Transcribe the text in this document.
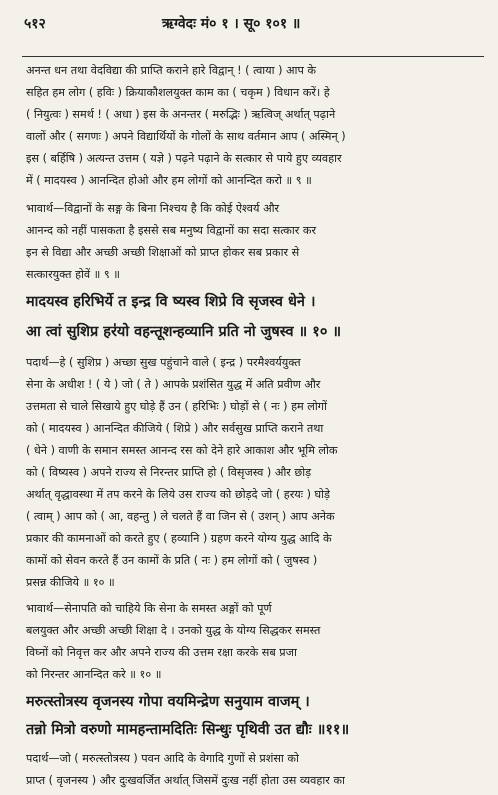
५१२	ऋग्वेदः मं० १ । सू० १०१ ॥
अनन्त धन तथा वेदविद्या की प्राप्ति कराने हारे विद्वान् ! ( त्वाया ) आप के
सहित हम लोग ( हविः ) क्रियाकौशलयुक्त काम का ( चकृम ) विधान करें। हे
( नियुत्वः ) समर्थ ! ( अधा ) इस के अनन्तर ( मरुद्भिः ) ऋत्विज् अर्थात् पढ़ाने
वालों और ( सगणः ) अपने विद्यार्थियों के गोलों के साथ वर्तमान आप ( अस्मिन् )
इस ( बर्हिषि ) अत्यन्त उत्तम ( यज्ञे ) पढ़ने पढ़ाने के सत्कार से पाये हुए व्यवहार
में ( मादयस्व ) आनन्दित होओ और हम लोगों को आनन्दित करो ॥ ९ ॥
भावार्थ—विद्वानों के सङ्ग के बिना निश्चय है कि कोई ऐश्वर्य और
आनन्द को नहीं पासकता है इससे सब मनुष्य विद्वानों का सदा सत्कार कर
इन से विद्या और अच्छी अच्छी शिक्षाओं को प्राप्त होकर सब प्रकार से
सत्कारयुक्त होवें ॥ ९ ॥
मादयस्व हरिभिर्ये त इन्द्र वि ष्यस्व शिप्रे वि सृजस्व धेने ।
आ त्वां सुशिप्र हर॑यो वहन्तूशन्हव्यानि प्रति नो जुषस्व ॥ १० ॥
पदार्थ—हे ( सुशिप्र ) अच्छा सुख पहुंचाने वाले ( इन्द्र ) परमैश्वर्ययुक्त
सेना के अधीश ! ( ये ) जो ( ते ) आपके प्रशंसित युद्ध में अति प्रवीण और
उत्तमता से चाले सिखाये हुए घोड़े हैं उन ( हरिभिः ) घोड़ों से ( नः ) हम लोगों
को ( मादयस्व ) आनन्दित कीजिये ( शिप्रे ) और सर्वसुख प्राप्ति कराने तथा
( धेने ) वाणी के समान समस्त आनन्द रस को देने हारे आकाश और भूमि लोक
को ( विष्यस्व ) अपने राज्य से निरन्तर प्राप्ति हो ( विसृजस्व ) और छोड़
अर्थात् वृद्धावस्था में तप करने के लिये उस राज्य को छोड़दे जो ( हरयः ) घोड़े
( त्वाम् ) आप को ( आ, वहन्तु ) ले चलते हैं वा जिन से ( उशन् ) आप अनेक
प्रकार की कामनाओं को करते हुए ( हव्यानि ) ग्रहण करने योग्य युद्ध आदि के
कामों को सेवन करते हैं उन कामों के प्रति ( नः ) हम लोगों को ( जुषस्व )
प्रसन्न कीजिये ॥ १० ॥
भावार्थ—सेनापति को चाहिये कि सेना के समस्त अङ्गों को पूर्ण
बलयुक्त और अच्छी अच्छी शिक्षा दे । उनको युद्ध के योग्य सिद्धकर समस्त
विघ्नों को निवृत्त कर और अपने राज्य की उत्तम रक्षा करके सब प्रजा
को निरन्तर आनन्दित करे ॥ १० ॥
मरुत्स्तोत्रस्य वृजनस्य गोपा वयमिन्द्रेण सनुयाम वाजम् ।
तन्नो मित्रो वरुणो मामहन्तामदितिः सिन्धुः पृथिवी उत द्यौः ॥११॥
पदार्थ—जो ( मरुत्स्तोत्रस्य ) पवन आदि के वेगादि गुणों से प्रशंसा को
प्राप्त ( वृजनस्य ) और दुःखवर्जित अर्थात् जिसमें दुःख नहीं होता उस व्यवहार का
